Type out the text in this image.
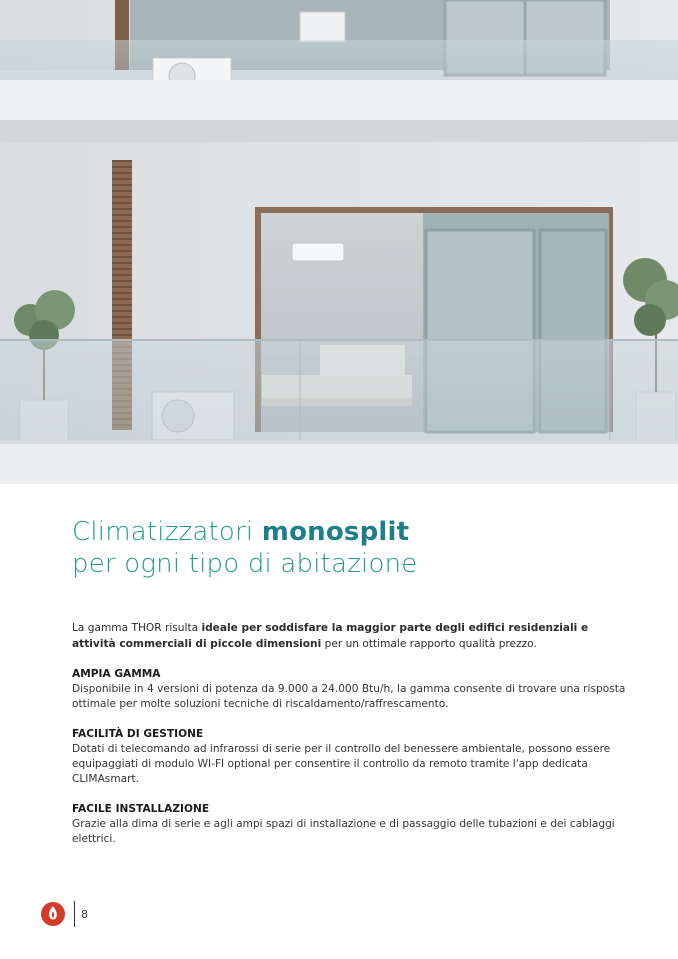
Climatizzatori monosplit
per ogni tipo di abitazione

La gamma THOR risulta ideale per soddisfare la maggior parte degli edifici residenziali e attività commerciali di piccole dimensioni per un ottimale rapporto qualità prezzo.

AMPIA GAMMA

Disponibile in 4 versioni di potenza da 9.000 a 24.000 Btu/h, la gamma consente di trovare una risposta ottimale per molte soluzioni tecniche di riscaldamento/raffrescamento.

FACILITÀ DI GESTIONE

Dotati di telecomando ad infrarossi di serie per il controllo del benessere ambientale, possono essere equipaggiati di modulo WI-FI optional per consentire il controllo da remoto tramite l'app dedicata CLIMAsmart.

FACILE INSTALLAZIONE

Grazie alla dima di serie e agli ampi spazi di installazione e di passaggio delle tubazioni e dei cablaggi elettrici.

8
